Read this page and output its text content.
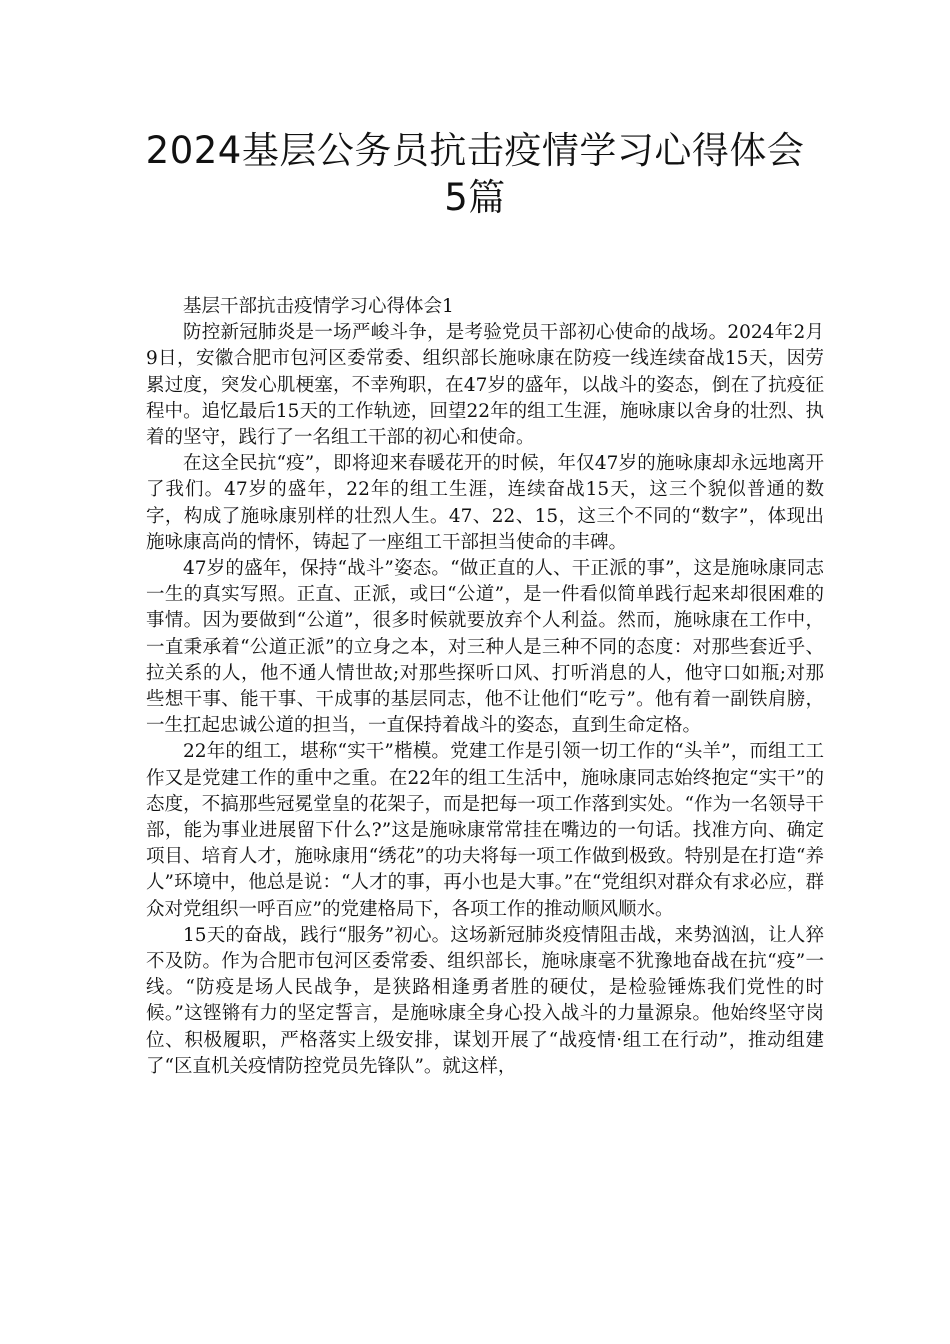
2024基层公务员抗击疫情学习心得体会
5篇

基层干部抗击疫情学习心得体会1

防控新冠肺炎是一场严峻斗争，是考验党员干部初心使命的战场。2024年2月9日，安徽合肥市包河区委常委、组织部长施咏康在防疫一线连续奋战15天，因劳累过度，突发心肌梗塞，不幸殉职，在47岁的盛年，以战斗的姿态，倒在了抗疫征程中。追忆最后15天的工作轨迹，回望22年的组工生涯，施咏康以舍身的壮烈、执着的坚守，践行了一名组工干部的初心和使命。

在这全民抗“疫”，即将迎来春暖花开的时候，年仅47岁的施咏康却永远地离开了我们。47岁的盛年，22年的组工生涯，连续奋战15天，这三个貌似普通的数字，构成了施咏康别样的壮烈人生。47、22、15，这三个不同的“数字”，体现出施咏康高尚的情怀，铸起了一座组工干部担当使命的丰碑。

47岁的盛年，保持“战斗”姿态。“做正直的人、干正派的事”，这是施咏康同志一生的真实写照。正直、正派，或曰“公道”，是一件看似简单践行起来却很困难的事情。因为要做到“公道”，很多时候就要放弃个人利益。然而，施咏康在工作中，一直秉承着“公道正派”的立身之本，对三种人是三种不同的态度：对那些套近乎、拉关系的人，他不通人情世故;对那些探听口风、打听消息的人，他守口如瓶;对那些想干事、能干事、干成事的基层同志，他不让他们“吃亏”。他有着一副铁肩膀，一生扛起忠诚公道的担当，一直保持着战斗的姿态，直到生命定格。

22年的组工，堪称“实干”楷模。党建工作是引领一切工作的“头羊”，而组工工作又是党建工作的重中之重。在22年的组工生活中，施咏康同志始终抱定“实干”的态度，不搞那些冠冕堂皇的花架子，而是把每一项工作落到实处。“作为一名领导干部，能为事业进展留下什么?”这是施咏康常常挂在嘴边的一句话。找准方向、确定项目、培育人才，施咏康用“绣花”的功夫将每一项工作做到极致。特别是在打造“养人”环境中，他总是说：“人才的事，再小也是大事。”在“党组织对群众有求必应，群众对党组织一呼百应”的党建格局下，各项工作的推动顺风顺水。

15天的奋战，践行“服务”初心。这场新冠肺炎疫情阻击战，来势汹汹，让人猝不及防。作为合肥市包河区委常委、组织部长，施咏康毫不犹豫地奋战在抗“疫”一线。“防疫是场人民战争，是狭路相逢勇者胜的硬仗，是检验锤炼我们党性的时候。”这铿锵有力的坚定誓言，是施咏康全身心投入战斗的力量源泉。他始终坚守岗位、积极履职，严格落实上级安排，谋划开展了“战疫情·组工在行动”，推动组建了“区直机关疫情防控党员先锋队”。就这样，
